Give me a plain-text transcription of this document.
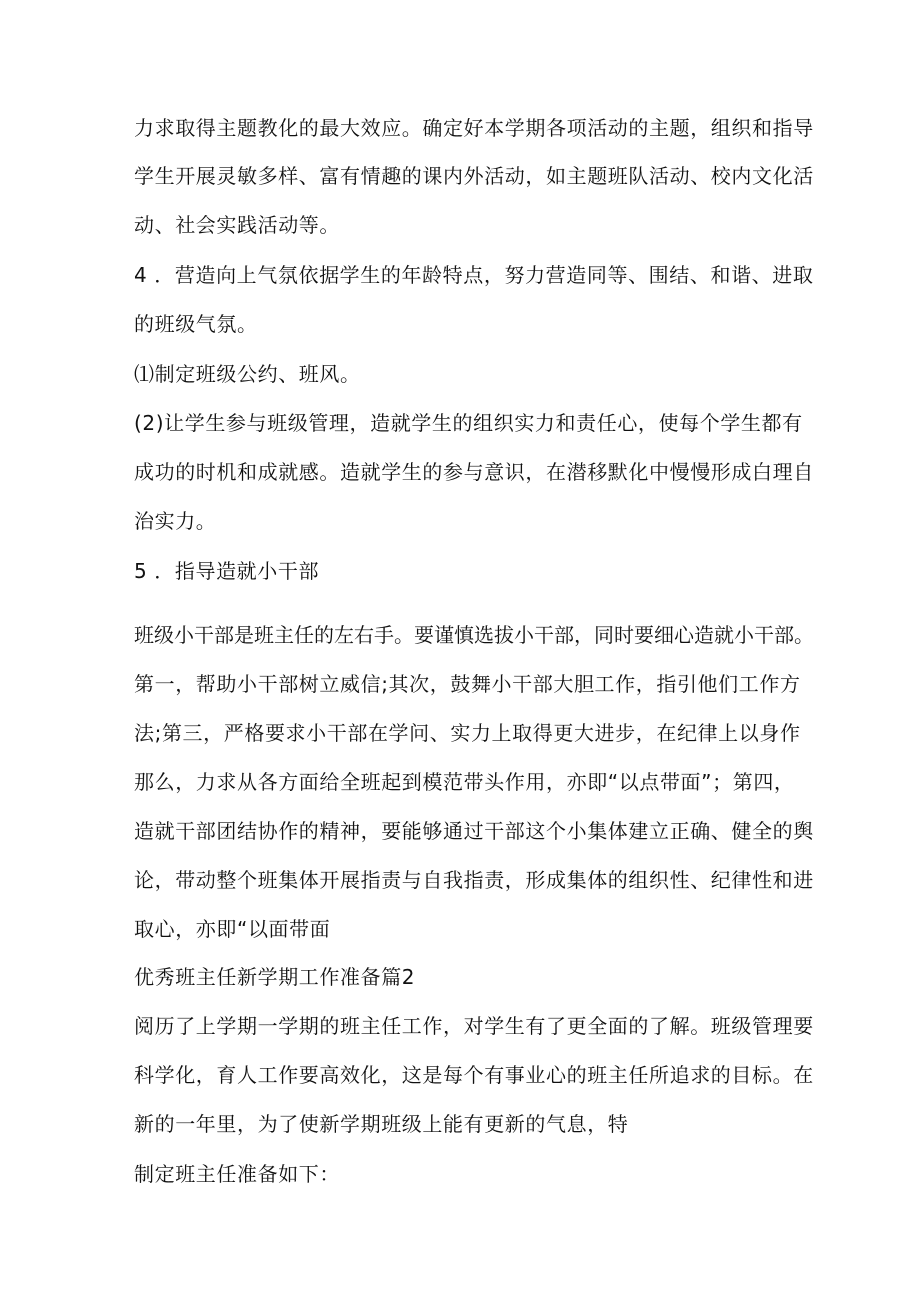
力求取得主题教化的最大效应。确定好本学期各项活动的主题，组织和指导
学生开展灵敏多样、富有情趣的课内外活动，如主题班队活动、校内文化活
动、社会实践活动等。
4 ．营造向上气氛依据学生的年龄特点，努力营造同等、围结、和谐、进取
的班级气氛。
⑴制定班级公约、班风。
(2)让学生参与班级管理，造就学生的组织实力和责任心，使每个学生都有
成功的时机和成就感。造就学生的参与意识，在潜移默化中慢慢形成白理自
治实力。
5 ．指导造就小干部
班级小干部是班主任的左右手。要谨慎选拔小干部，同时要细心造就小干部。
第一，帮助小干部树立威信;其次，鼓舞小干部大胆工作，指引他们工作方
法;第三，严格要求小干部在学问、实力上取得更大进步，在纪律上以身作
那么，力求从各方面给全班起到模范带头作用，亦即“以点带面”；第四，
造就干部团结协作的精神，要能够通过干部这个小集体建立正确、健全的舆
论，带动整个班集体开展指责与自我指责，形成集体的组织性、纪律性和进
取心，亦即“以面带面
优秀班主任新学期工作准备篇2
阅历了上学期一学期的班主任工作，对学生有了更全面的了解。班级管理要
科学化，育人工作要高效化，这是每个有事业心的班主任所追求的目标。在
新的一年里，为了使新学期班级上能有更新的气息，特
制定班主任准备如下：
